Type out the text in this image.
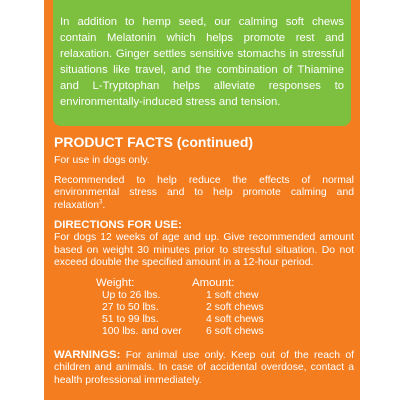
In addition to hemp seed, our calming soft chews contain Melatonin which helps promote rest and relaxation. Ginger settles sensitive stomachs in stressful situations like travel, and the combination of Thiamine and L-Tryptophan helps alleviate responses to environmentally-induced stress and tension.

PRODUCT FACTS (continued)
For use in dogs only.
Recommended to help reduce the effects of normal environmental stress and to help promote calming and relaxation$^3$.
DIRECTIONS FOR USE:
For dogs 12 weeks of age and up. Give recommended amount based on weight 30 minutes prior to stressful situation. Do not exceed double the specified amount in a 12-hour period.
Weight:	Amount:
Up to 26 lbs.	1 soft chew
27 to 50 lbs.	2 soft chews
51 to 99 lbs.	4 soft chews
100 lbs. and over	6 soft chews
WARNINGS: For animal use only. Keep out of the reach of children and animals. In case of accidental overdose, contact a health professional immediately.
